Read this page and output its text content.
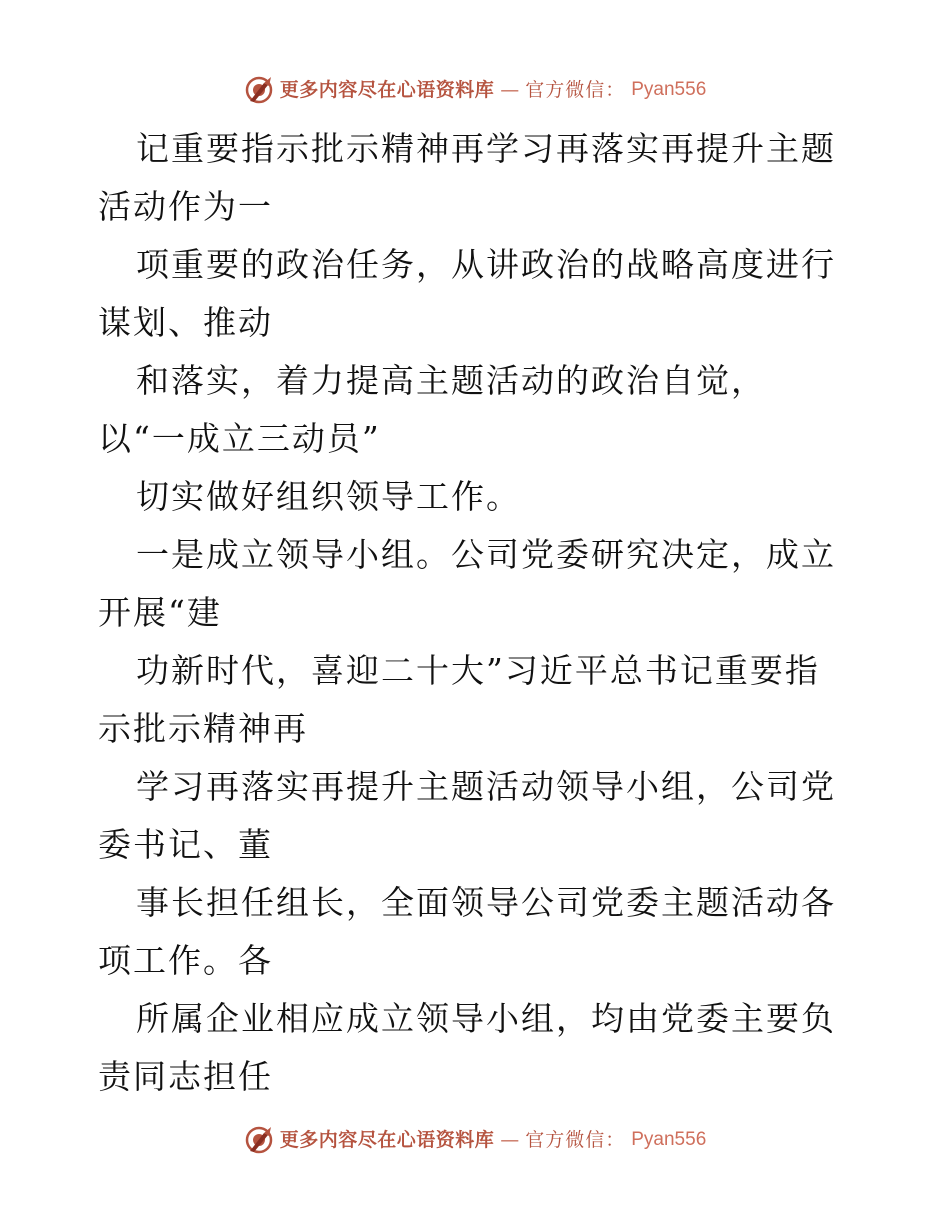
更多内容尽在心语资料库 — 官方微信： Pyan556

记重要指示批示精神再学习再落实再提升主题活动作为一

项重要的政治任务，从讲政治的战略高度进行谋划、推动

和落实，着力提高主题活动的政治自觉，以“一成立三动员”

切实做好组织领导工作。

一是成立领导小组。公司党委研究决定，成立开展“建

功新时代，喜迎二十大”习近平总书记重要指示批示精神再

学习再落实再提升主题活动领导小组，公司党委书记、董

事长担任组长，全面领导公司党委主题活动各项工作。各

所属企业相应成立领导小组，均由党委主要负责同志担任

更多内容尽在心语资料库 — 官方微信： Pyan556
